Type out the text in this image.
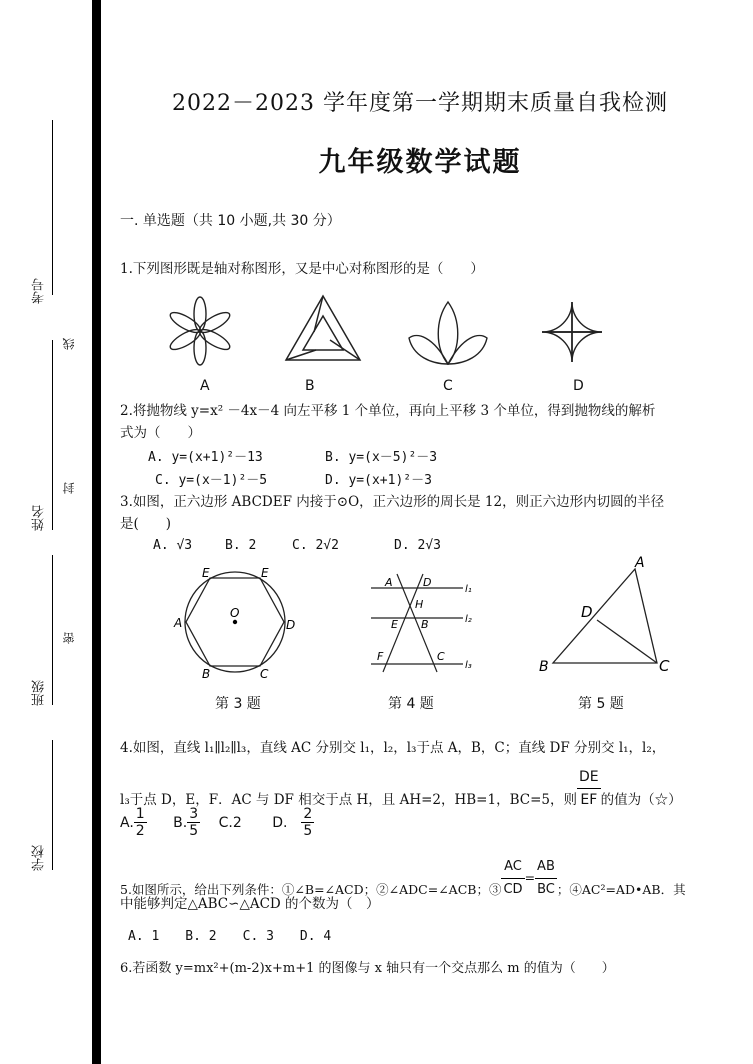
考号
姓名
班级
学校
线
封
密
2022－2023 学年度第一学期期末质量自我检测
九年级数学试题
一. 单选题（共 10 小题,共 30 分）
1.下列图形既是轴对称图形，又是中心对称图形的是（　　）
A	B	C	D
2.将抛物线 y=x² －4x－4 向左平移 1 个单位，再向上平移 3 个单位，得到抛物线的解析
式为（　　）
A. y=(x+1)²－13	B. y=(x－5)²－3
C. y=(x－1)²－5	D. y=(x+1)²－3
3.如图，正六边形 ABCDEF 内接于⊙O，正六边形的周长是 12，则正六边形内切圆的半径
是(　　)
A. √3	B. 2	C. 2√2	D. 2√3
E	E
A	D
O
B	C
第 3 题
A	D
H
E B
F	C
l₁
l₂
l₃
第 4 题
A
D
B	C
第 5 题
4.如图，直线 l₁∥l₂∥l₃，直线 AC 分别交 l₁，l₂，l₃于点 A，B，C；直线 DF 分别交 l₁，l₂，
l₃于点 D，E，F．AC 与 DF 相交于点 H，且 AH=2，HB=1，BC=5，则 $\frac{DE}{EF}$ 的值为（☆）
A. $\frac{1}{2} B$. $\frac{3}{5} C.2$ D. $\frac{2}{5}$
5.如图所示，给出下列条件：①∠B=∠ACD；②∠ADC=∠ACB；③ $\frac{AC}{CD} = \frac{AB}{BC}$ ；④AC²=AD•AB．其
中能够判定△ABC∽△ACD 的个数为（　）
A. 1　　B. 2　　C. 3　　D. 4
6.若函数 y=mx²+(m-2)x+m+1 的图像与 x 轴只有一个交点那么 m 的值为（　　）
